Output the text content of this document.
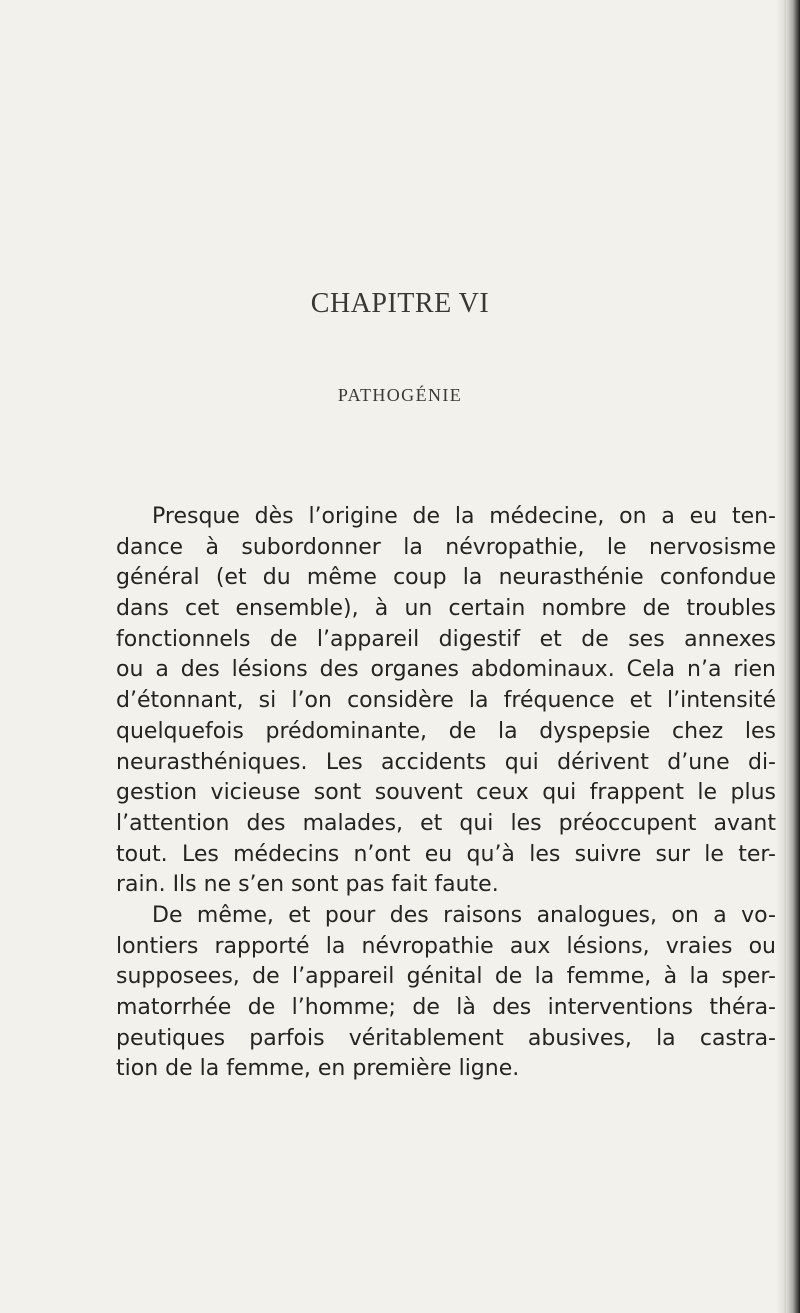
CHAPITRE VI
PATHOGÉNIE
Presque dès l’origine de la médecine, on a eu ten-
dance à subordonner la névropathie, le nervosisme
général (et du même coup la neurasthénie confondue
dans cet ensemble), à un certain nombre de troubles
fonctionnels de l’appareil digestif et de ses annexes
ou a des lésions des organes abdominaux. Cela n’a rien
d’étonnant, si l’on considère la fréquence et l’intensité
quelquefois prédominante, de la dyspepsie chez les
neurasthéniques. Les accidents qui dérivent d’une di-
gestion vicieuse sont souvent ceux qui frappent le plus
l’attention des malades, et qui les préoccupent avant
tout. Les médecins n’ont eu qu’à les suivre sur le ter-
rain. Ils ne s’en sont pas fait faute.
De même, et pour des raisons analogues, on a vo-
lontiers rapporté la névropathie aux lésions, vraies ou
supposees, de l’appareil génital de la femme, à la sper-
matorrhée de l’homme; de là des interventions théra-
peutiques parfois véritablement abusives, la castra-
tion de la femme, en première ligne.
